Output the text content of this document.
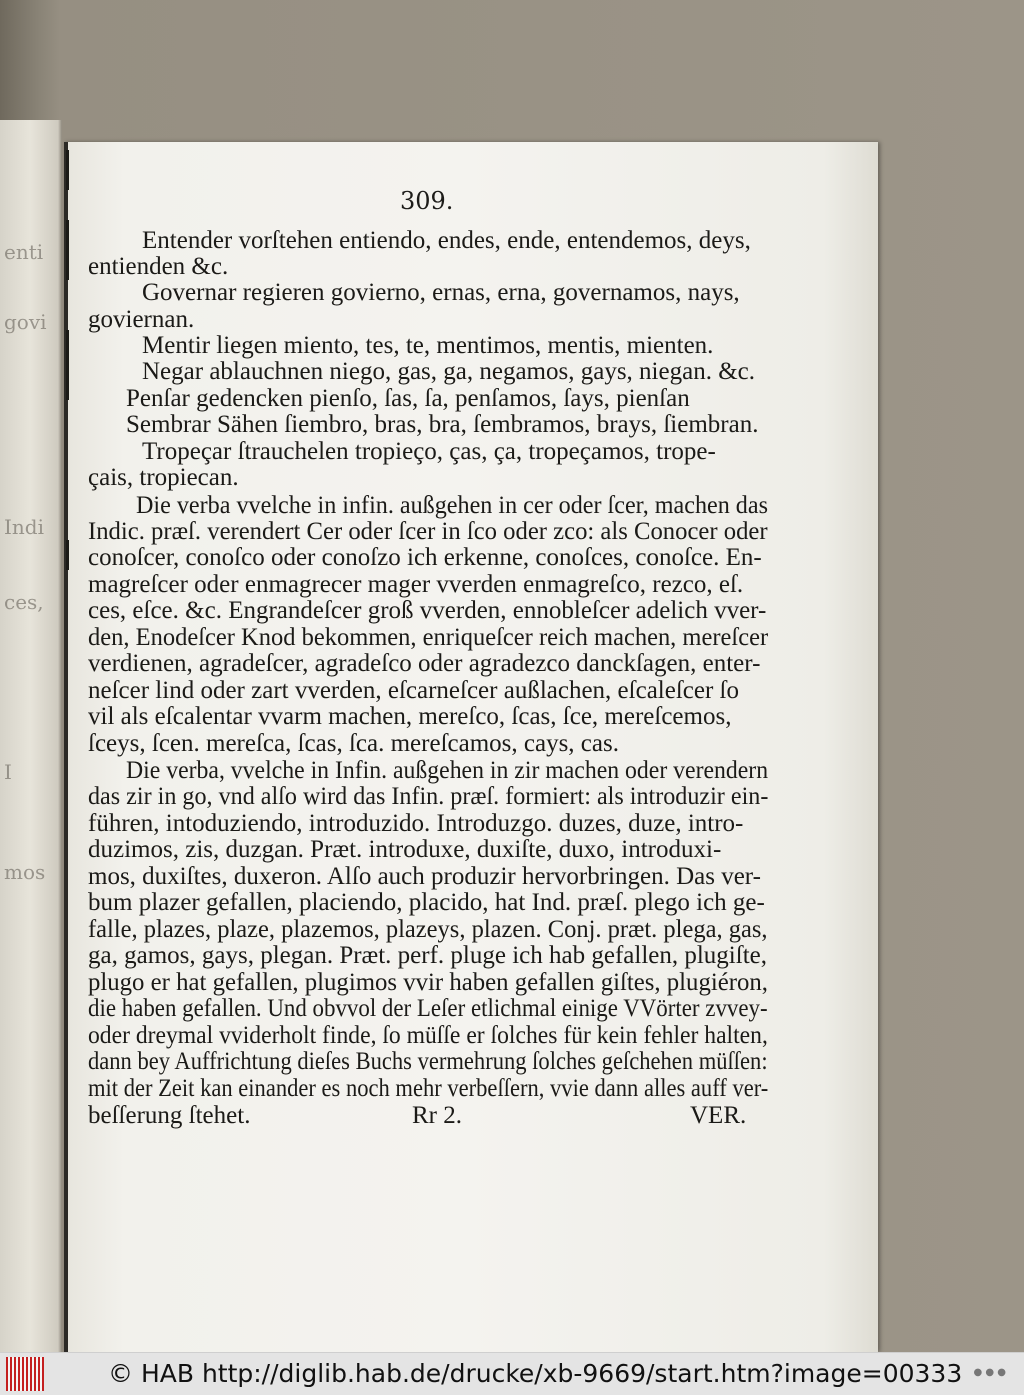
enti
govi
Indi
ces,
I
mos
309.
Entender vorſtehen entiendo, endes, ende, entendemos, deys,
entienden &c.
Governar regieren govierno, ernas, erna, governamos, nays,
goviernan.
Mentir liegen miento, tes, te, mentimos, mentis, mienten.
Negar ablauchnen niego, gas, ga, negamos, gays, niegan. &c.
Penſar gedencken pienſo, ſas, ſa, penſamos, ſays, pienſan
Sembrar Sähen ſiembro, bras, bra, ſembramos, brays, ſiembran.
Tropeçar ſtrauchelen tropieço, ças, ça, tropeçamos, trope-
çais, tropiecan.
Die verba vvelche in infin. außgehen in cer oder ſcer, machen das
Indic. præſ. verendert Cer oder ſcer in ſco oder zco: als Conocer oder
conoſcer, conoſco oder conoſzo ich erkenne, conoſces, conoſce. En-
magreſcer oder enmagrecer mager vverden enmagreſco, rezco, eſ.
ces, eſce. &c. Engrandeſcer groß vverden, ennobleſcer adelich vver-
den, Enodeſcer Knod bekommen, enriqueſcer reich machen, mereſcer
verdienen, agradeſcer, agradeſco oder agradezco danckſagen, enter-
neſcer lind oder zart vverden, eſcarneſcer außlachen, eſcaleſcer ſo
vil als eſcalentar vvarm machen, mereſco, ſcas, ſce, mereſcemos,
ſceys, ſcen. mereſca, ſcas, ſca. mereſcamos, cays, cas.
Die verba, vvelche in Infin. außgehen in zir machen oder verendern
das zir in go, vnd alſo wird das Infin. præſ. formiert: als introduzir ein-
führen, intoduziendo, introduzido. Introduzgo. duzes, duze, intro-
duzimos, zis, duzgan. Præt. introduxe, duxiſte, duxo, introduxi-
mos, duxiſtes, duxeron. Alſo auch produzir hervorbringen. Das ver-
bum plazer gefallen, placiendo, placido, hat Ind. præſ. plego ich ge-
falle, plazes, plaze, plazemos, plazeys, plazen. Conj. præt. plega, gas,
ga, gamos, gays, plegan. Præt. perf. pluge ich hab gefallen, plugiſte,
plugo er hat gefallen, plugimos vvir haben gefallen giſtes, plugiéron,
die haben gefallen. Und obvvol der Leſer etlichmal einige VVörter zvvey-
oder dreymal vviderholt finde, ſo müſſe er ſolches für kein fehler halten,
dann bey Auffrichtung dieſes Buchs vermehrung ſolches geſchehen müſſen:
mit der Zeit kan einander es noch mehr verbeſſern, vvie dann alles auff ver-
beſſerung ſtehet.	Rr 2.	VER.
© HAB http://diglib.hab.de/drucke/xb-9669/start.htm?image=00333 ● ● ●
